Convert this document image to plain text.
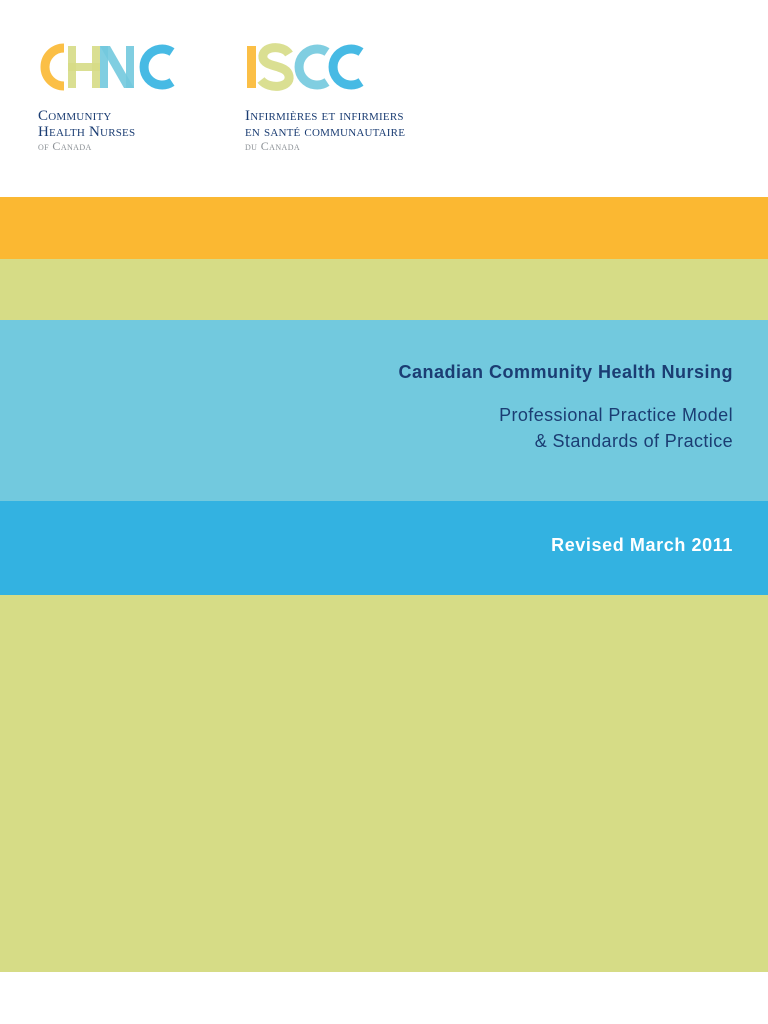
Community
Health Nurses
of Canada
Infirmières et infirmiers
en santé communautaire
du Canada
Canadian Community Health Nursing
Professional Practice Model
& Standards of Practice
Revised March 2011
